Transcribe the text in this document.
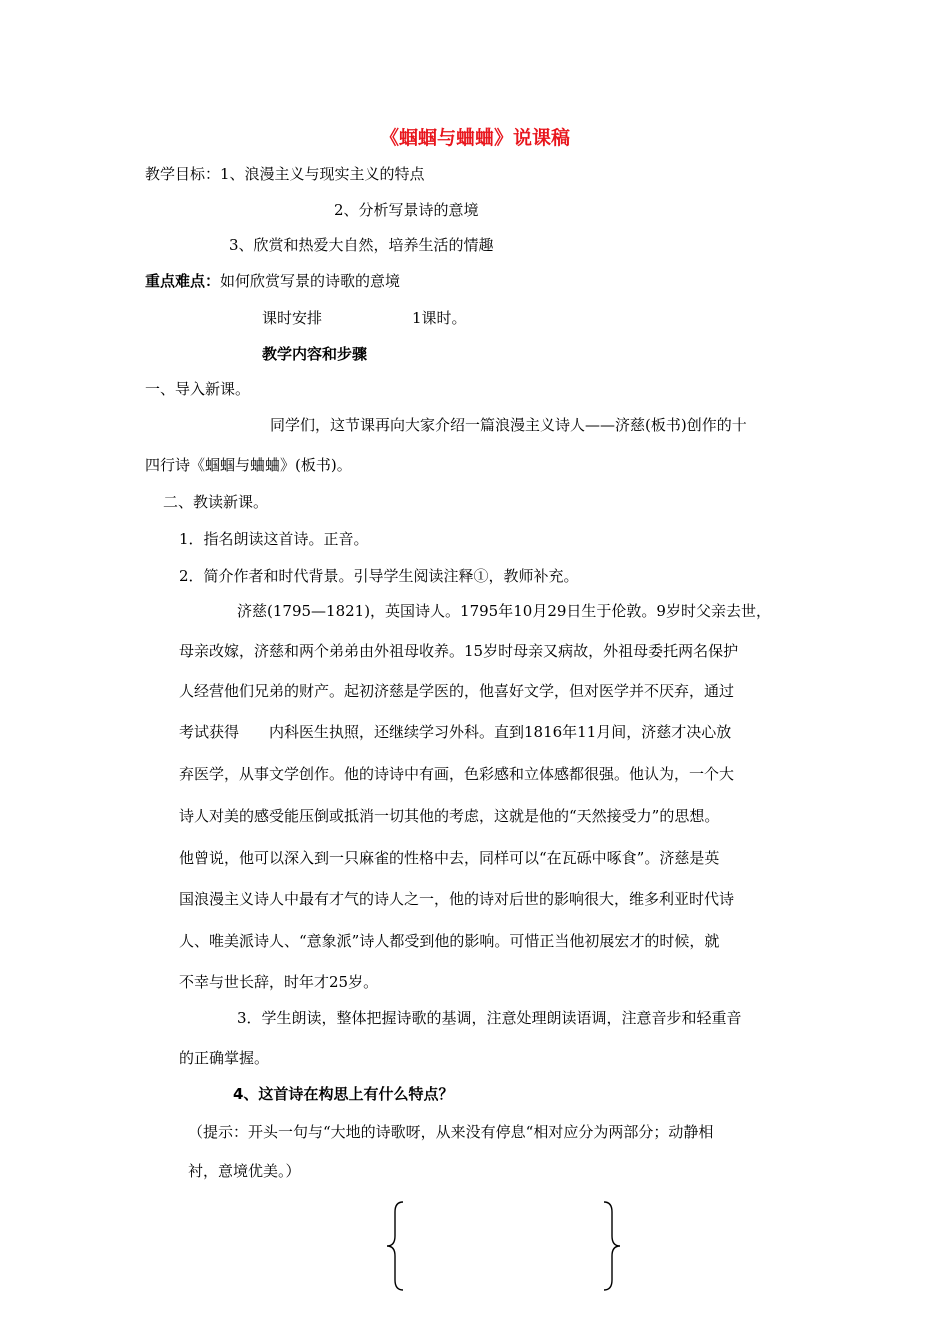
《蝈蝈与蛐蛐》说课稿
教学目标：1、浪漫主义与现实主义的特点
2、分析写景诗的意境
3、欣赏和热爱大自然，培养生活的情趣
重点难点：如何欣赏写景的诗歌的意境
课时安排	1课时。
教学内容和步骤
一、导入新课。
同学们，这节课再向大家介绍一篇浪漫主义诗人——济慈(板书)创作的十
四行诗《蝈蝈与蛐蛐》(板书)。
二、教读新课。
1．指名朗读这首诗。正音。
2．简介作者和时代背景。引导学生阅读注释①，教师补充。
济慈(1795—1821)，英国诗人。1795年10月29日生于伦敦。9岁时父亲去世，
母亲改嫁，济慈和两个弟弟由外祖母收养。15岁时母亲又病故，外祖母委托两名保护
人经营他们兄弟的财产。起初济慈是学医的，他喜好文学，但对医学并不厌弃，通过
考试获得　　内科医生执照，还继续学习外科。直到1816年11月间，济慈才决心放
弃医学，从事文学创作。他的诗诗中有画，色彩感和立体感都很强。他认为，一个大
诗人对美的感受能压倒或抵消一切其他的考虑，这就是他的“天然接受力”的思想。
他曾说，他可以深入到一只麻雀的性格中去，同样可以“在瓦砾中啄食”。济慈是英
国浪漫主义诗人中最有才气的诗人之一，他的诗对后世的影响很大，维多利亚时代诗
人、唯美派诗人、“意象派”诗人都受到他的影响。可惜正当他初展宏才的时候，就
不幸与世长辞，时年才25岁。
3．学生朗读，整体把握诗歌的基调，注意处理朗读语调，注意音步和轻重音
的正确掌握。
4、这首诗在构思上有什么特点？
（提示：开头一句与“大地的诗歌呀，从来没有停息“相对应分为两部分；动静相
衬，意境优美。）
